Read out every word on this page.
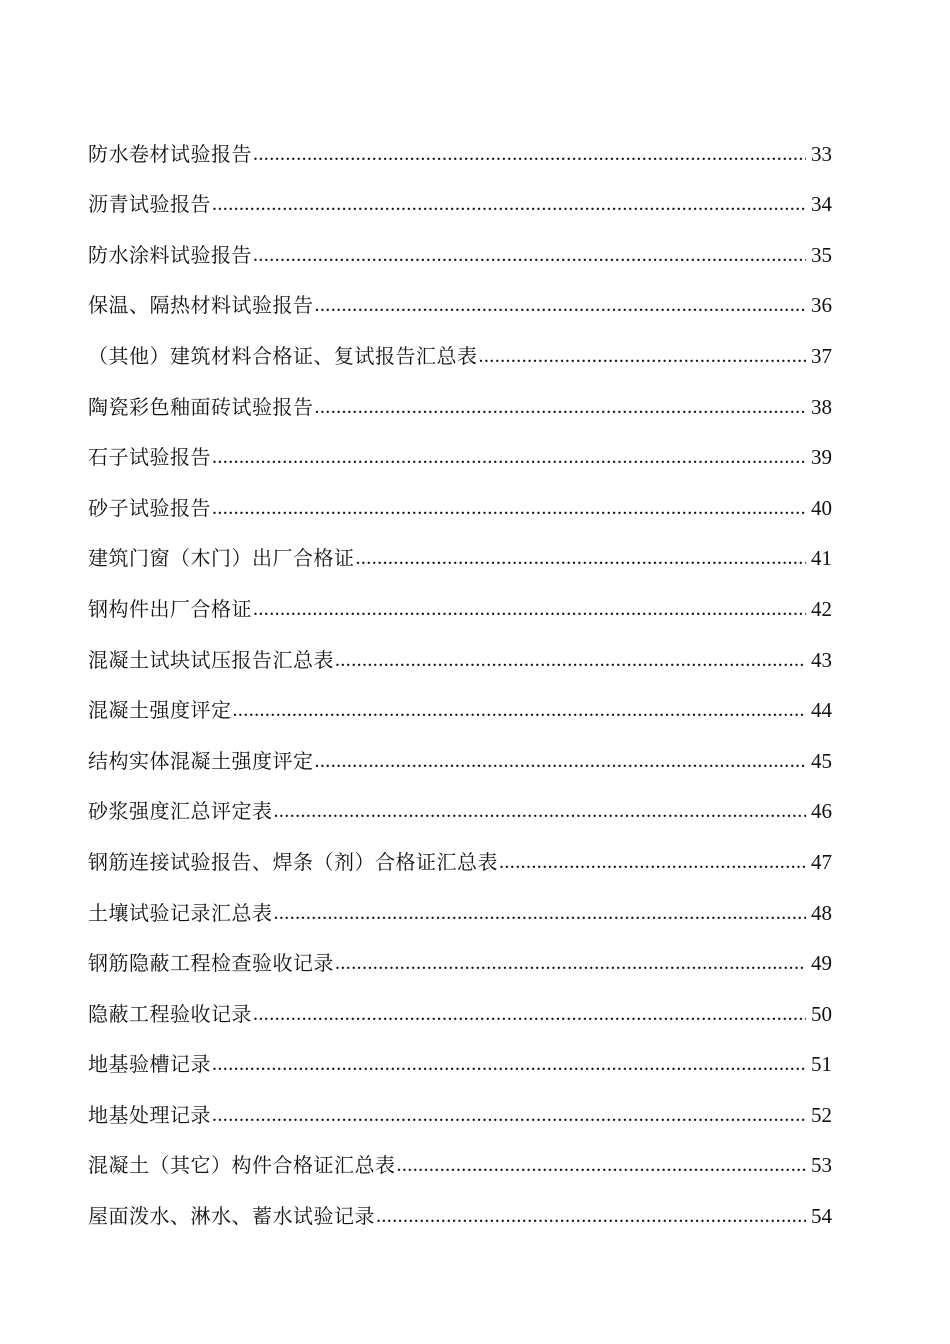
防水卷材试验报告 .....	33
沥青试验报告 .....	34
防水涂料试验报告 .....	35
保温、隔热材料试验报告 .....	36
（其他）建筑材料合格证、复试报告汇总表 .....	37
陶瓷彩色釉面砖试验报告 .....	38
石子试验报告 .....	39
砂子试验报告 .....	40
建筑门窗（木门）出厂合格证 .....	41
钢构件出厂合格证 .....	42
混凝土试块试压报告汇总表 .....	43
混凝土强度评定 .....	44
结构实体混凝土强度评定 .....	45
砂浆强度汇总评定表 .....	46
钢筋连接试验报告、焊条（剂）合格证汇总表 .....	47
土壤试验记录汇总表 .....	48
钢筋隐蔽工程检查验收记录 .....	49
隐蔽工程验收记录 .....	50
地基验槽记录 .....	51
地基处理记录 .....	52
混凝土（其它）构件合格证汇总表 .....	53
屋面泼水、淋水、蓄水试验记录 .....	54
